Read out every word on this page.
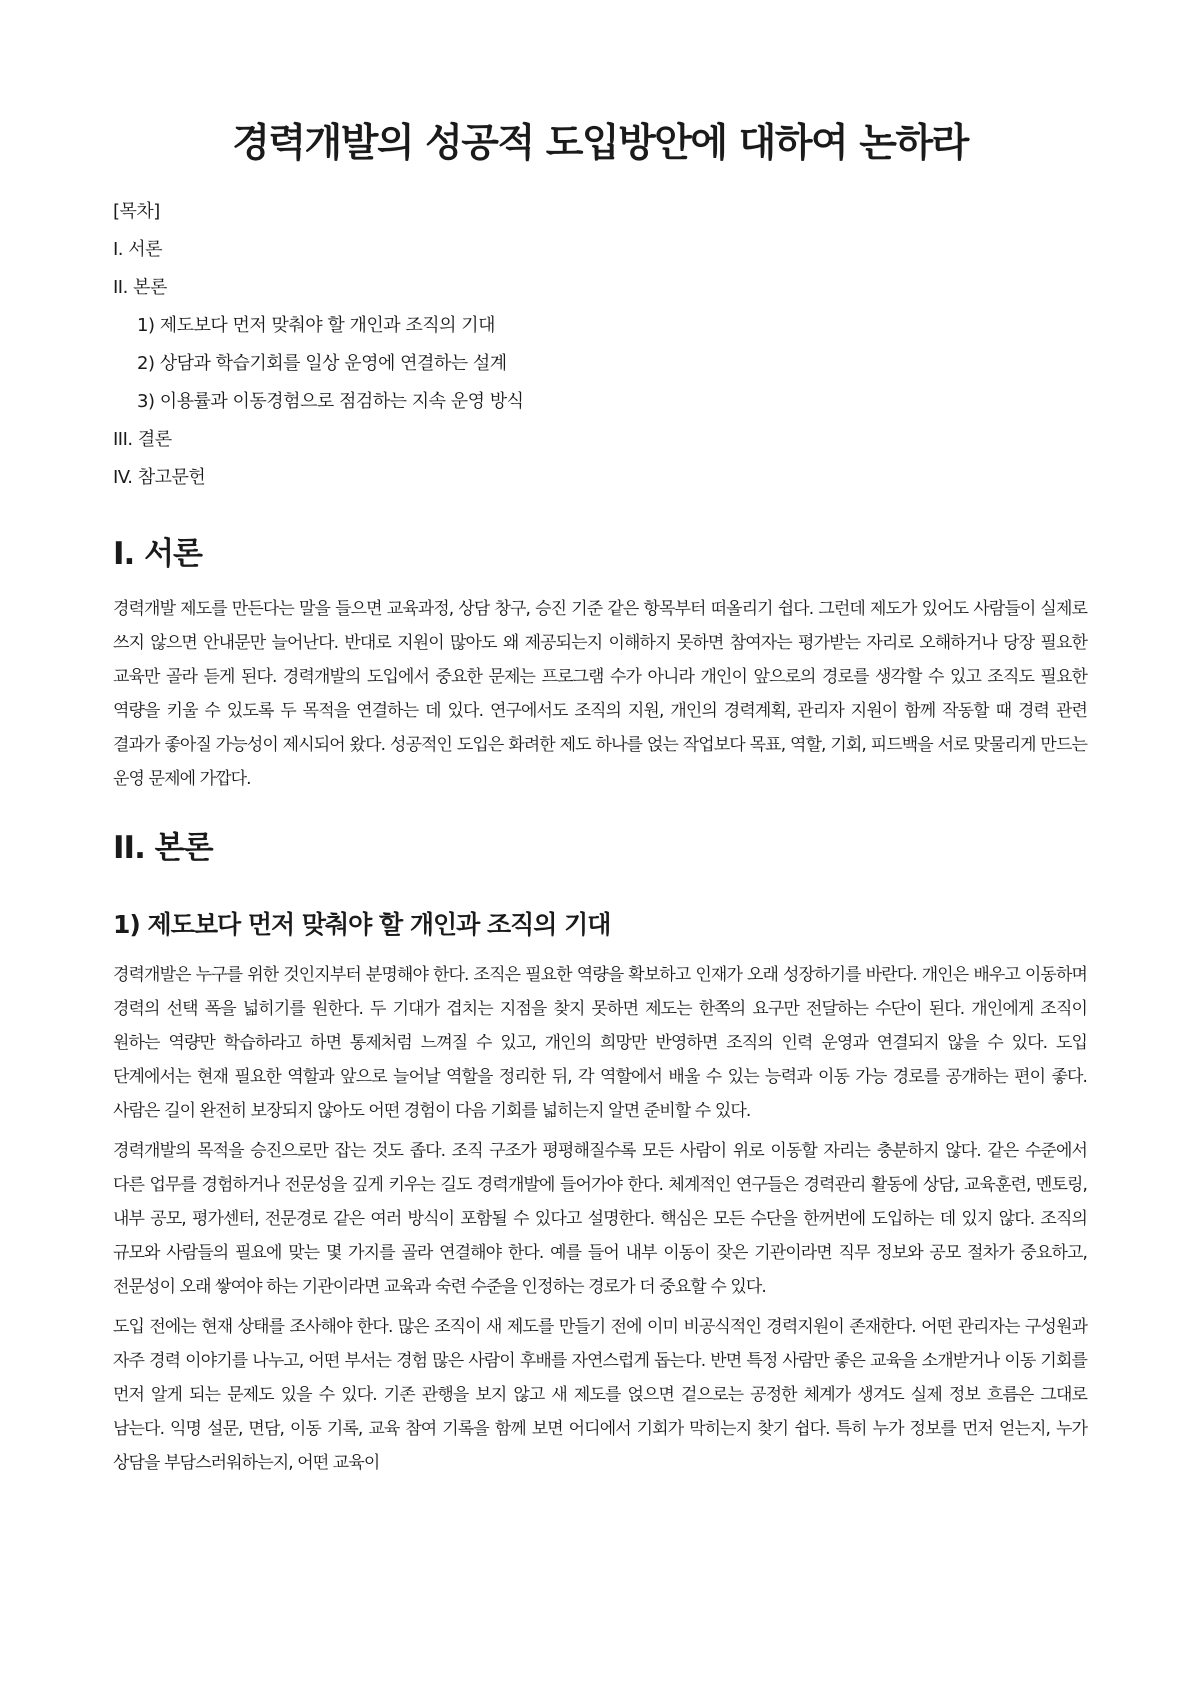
경력개발의 성공적 도입방안에 대하여 논하라
[목차]
I. 서론
II. 본론
1) 제도보다 먼저 맞춰야 할 개인과 조직의 기대
2) 상담과 학습기회를 일상 운영에 연결하는 설계
3) 이용률과 이동경험으로 점검하는 지속 운영 방식
III. 결론
IV. 참고문헌
I. 서론

경력개발 제도를 만든다는 말을 들으면 교육과정, 상담 창구, 승진 기준 같은 항목부터 떠올리기 쉽다. 그런데 제도가 있어도 사람들이 실제로 쓰지 않으면 안내문만 늘어난다. 반대로 지원이 많아도 왜 제공되는지 이해하지 못하면 참여자는 평가받는 자리로 오해하거나 당장 필요한 교육만 골라 듣게 된다. 경력개발의 도입에서 중요한 문제는 프로그램 수가 아니라 개인이 앞으로의 경로를 생각할 수 있고 조직도 필요한 역량을 키울 수 있도록 두 목적을 연결하는 데 있다. 연구에서도 조직의 지원, 개인의 경력계획, 관리자 지원이 함께 작동할 때 경력 관련 결과가 좋아질 가능성이 제시되어 왔다. 성공적인 도입은 화려한 제도 하나를 얹는 작업보다 목표, 역할, 기회, 피드백을 서로 맞물리게 만드는 운영 문제에 가깝다.

II. 본론
1) 제도보다 먼저 맞춰야 할 개인과 조직의 기대

경력개발은 누구를 위한 것인지부터 분명해야 한다. 조직은 필요한 역량을 확보하고 인재가 오래 성장하기를 바란다. 개인은 배우고 이동하며 경력의 선택 폭을 넓히기를 원한다. 두 기대가 겹치는 지점을 찾지 못하면 제도는 한쪽의 요구만 전달하는 수단이 된다. 개인에게 조직이 원하는 역량만 학습하라고 하면 통제처럼 느껴질 수 있고, 개인의 희망만 반영하면 조직의 인력 운영과 연결되지 않을 수 있다. 도입 단계에서는 현재 필요한 역할과 앞으로 늘어날 역할을 정리한 뒤, 각 역할에서 배울 수 있는 능력과 이동 가능 경로를 공개하는 편이 좋다. 사람은 길이 완전히 보장되지 않아도 어떤 경험이 다음 기회를 넓히는지 알면 준비할 수 있다.

경력개발의 목적을 승진으로만 잡는 것도 좁다. 조직 구조가 평평해질수록 모든 사람이 위로 이동할 자리는 충분하지 않다. 같은 수준에서 다른 업무를 경험하거나 전문성을 깊게 키우는 길도 경력개발에 들어가야 한다. 체계적인 연구들은 경력관리 활동에 상담, 교육훈련, 멘토링, 내부 공모, 평가센터, 전문경로 같은 여러 방식이 포함될 수 있다고 설명한다. 핵심은 모든 수단을 한꺼번에 도입하는 데 있지 않다. 조직의 규모와 사람들의 필요에 맞는 몇 가지를 골라 연결해야 한다. 예를 들어 내부 이동이 잦은 기관이라면 직무 정보와 공모 절차가 중요하고, 전문성이 오래 쌓여야 하는 기관이라면 교육과 숙련 수준을 인정하는 경로가 더 중요할 수 있다.

도입 전에는 현재 상태를 조사해야 한다. 많은 조직이 새 제도를 만들기 전에 이미 비공식적인 경력지원이 존재한다. 어떤 관리자는 구성원과 자주 경력 이야기를 나누고, 어떤 부서는 경험 많은 사람이 후배를 자연스럽게 돕는다. 반면 특정 사람만 좋은 교육을 소개받거나 이동 기회를 먼저 알게 되는 문제도 있을 수 있다. 기존 관행을 보지 않고 새 제도를 얹으면 겉으로는 공정한 체계가 생겨도 실제 정보 흐름은 그대로 남는다. 익명 설문, 면담, 이동 기록, 교육 참여 기록을 함께 보면 어디에서 기회가 막히는지 찾기 쉽다. 특히 누가 정보를 먼저 얻는지, 누가 상담을 부담스러워하는지, 어떤 교육이
